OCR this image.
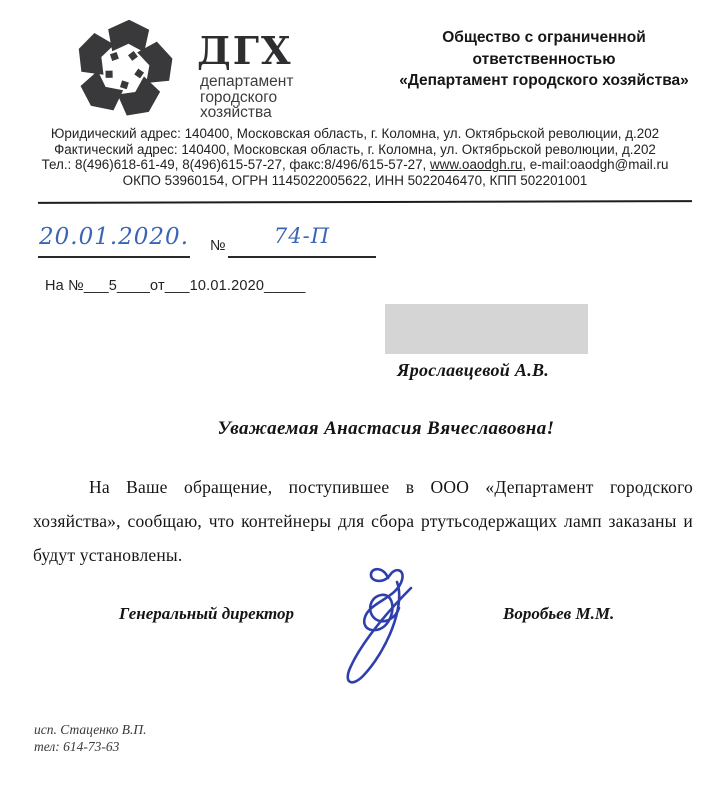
ДГХ
департамент
городского
хозяйства
Общество с ограниченной
ответственностью
«Департамент городского хозяйства»
Юридический адрес: 140400, Московская область, г. Коломна, ул. Октябрьской революции, д.202
Фактический адрес: 140400, Московская область, г. Коломна, ул. Октябрьской революции, д.202
Тел.: 8(496)618-61-49, 8(496)615-57-27, факс:8/496/615-57-27, www.oaodgh.ru, e-mail:oaodgh@mail.ru
ОКПО 53960154, ОГРН 1145022005622, ИНН 5022046470, КПП 502201001
20.01.2020. №	74-П
На №___5____от___10.01.2020_____
Ярославцевой А.В.
Уважаемая Анастасия Вячеславовна!
На Ваше обращение, поступившее в ООО «Департамент городского хозяйства», сообщаю, что контейнеры для сбора ртутьсодержащих ламп заказаны и будут установлены.
Генеральный директор	Воробьев М.М.
исп. Стаценко В.П.
тел: 614-73-63
